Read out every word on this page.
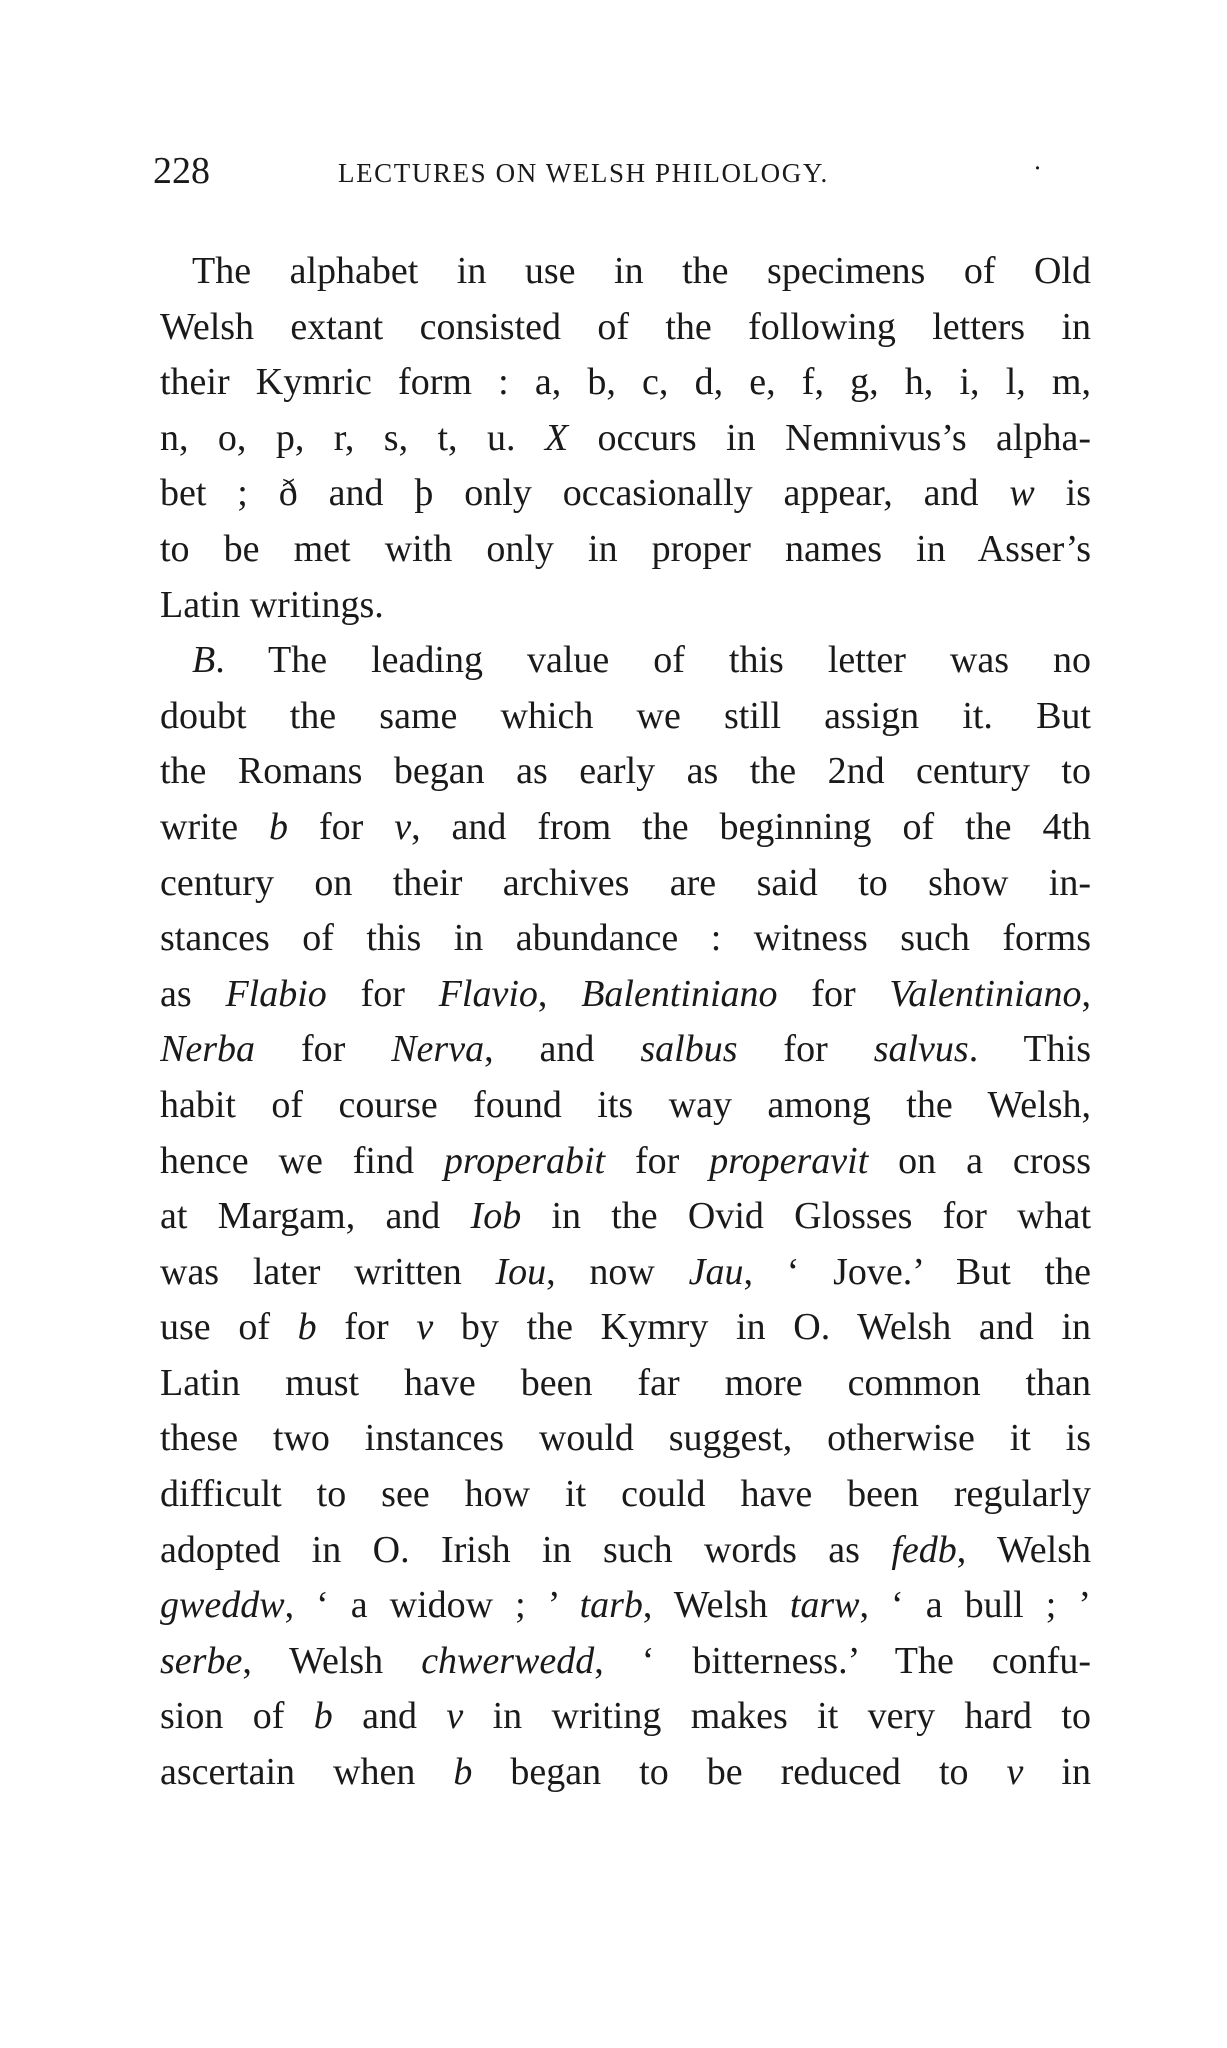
228	LECTURES ON WELSH PHILOLOGY.	·
The alphabet in use in the specimens of Old
Welsh extant consisted of the following letters in
their Kymric form : a, b, c, d, e, f, g, h, i, l, m,
n, o, p, r, s, t, u. X occurs in Nemnivus’s alpha-
bet ; ð and þ only occasionally appear, and w is
to be met with only in proper names in Asser’s
Latin writings.
B. The leading value of this letter was no
doubt the same which we still assign it. But
the Romans began as early as the 2nd century to
write b for v, and from the beginning of the 4th
century on their archives are said to show in-
stances of this in abundance : witness such forms
as Flabio for Flavio, Balentiniano for Valentiniano,
Nerba for Nerva, and salbus for salvus. This
habit of course found its way among the Welsh,
hence we find properabit for properavit on a cross
at Margam, and Iob in the Ovid Glosses for what
was later written Iou, now Jau, ‘ Jove.’ But the
use of b for v by the Kymry in O. Welsh and in
Latin must have been far more common than
these two instances would suggest, otherwise it is
difficult to see how it could have been regularly
adopted in O. Irish in such words as fedb, Welsh
gweddw, ‘ a widow ; ’ tarb, Welsh tarw, ‘ a bull ; ’
serbe, Welsh chwerwedd, ‘ bitterness.’ The confu-
sion of b and v in writing makes it very hard to
ascertain when b began to be reduced to v in
